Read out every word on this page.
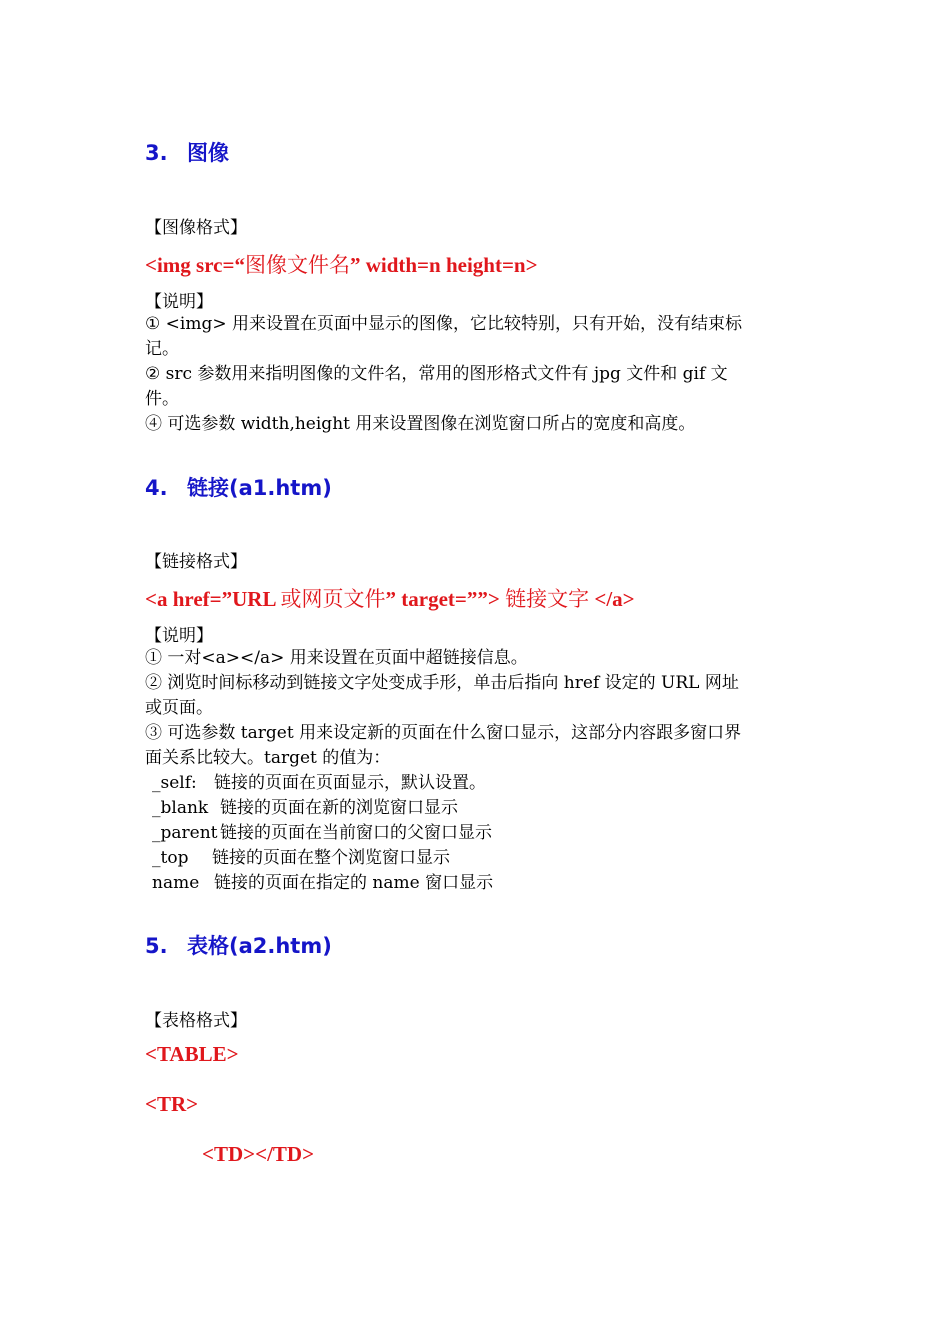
3. 图像
【图像格式】
<img src=“图像文件名” width=n height=n>
【说明】
① <img> 用来设置在页面中显示的图像，它比较特别，只有开始，没有结束标
记。
② src 参数用来指明图像的文件名，常用的图形格式文件有 jpg 文件和 gif 文
件。
④ 可选参数 width,height 用来设置图像在浏览窗口所占的宽度和高度。
4. 链接(a1.htm)
【链接格式】
<a href=”URL 或网页文件” target=””> 链接文字 </a>
【说明】
① 一对<a></a> 用来设置在页面中超链接信息。
② 浏览时间标移动到链接文字处变成手形，单击后指向 href 设定的 URL 网址
或页面。
③ 可选参数 target 用来设定新的页面在什么窗口显示，这部分内容跟多窗口界
面关系比较大。target 的值为：
_self: 链接的页面在页面显示，默认设置。
_blank 链接的页面在新的浏览窗口显示
_parent 链接的页面在当前窗口的父窗口显示
_top 链接的页面在整个浏览窗口显示
name 链接的页面在指定的 name 窗口显示
5. 表格(a2.htm)
【表格格式】
<TABLE>
<TR>
<TD></TD>
